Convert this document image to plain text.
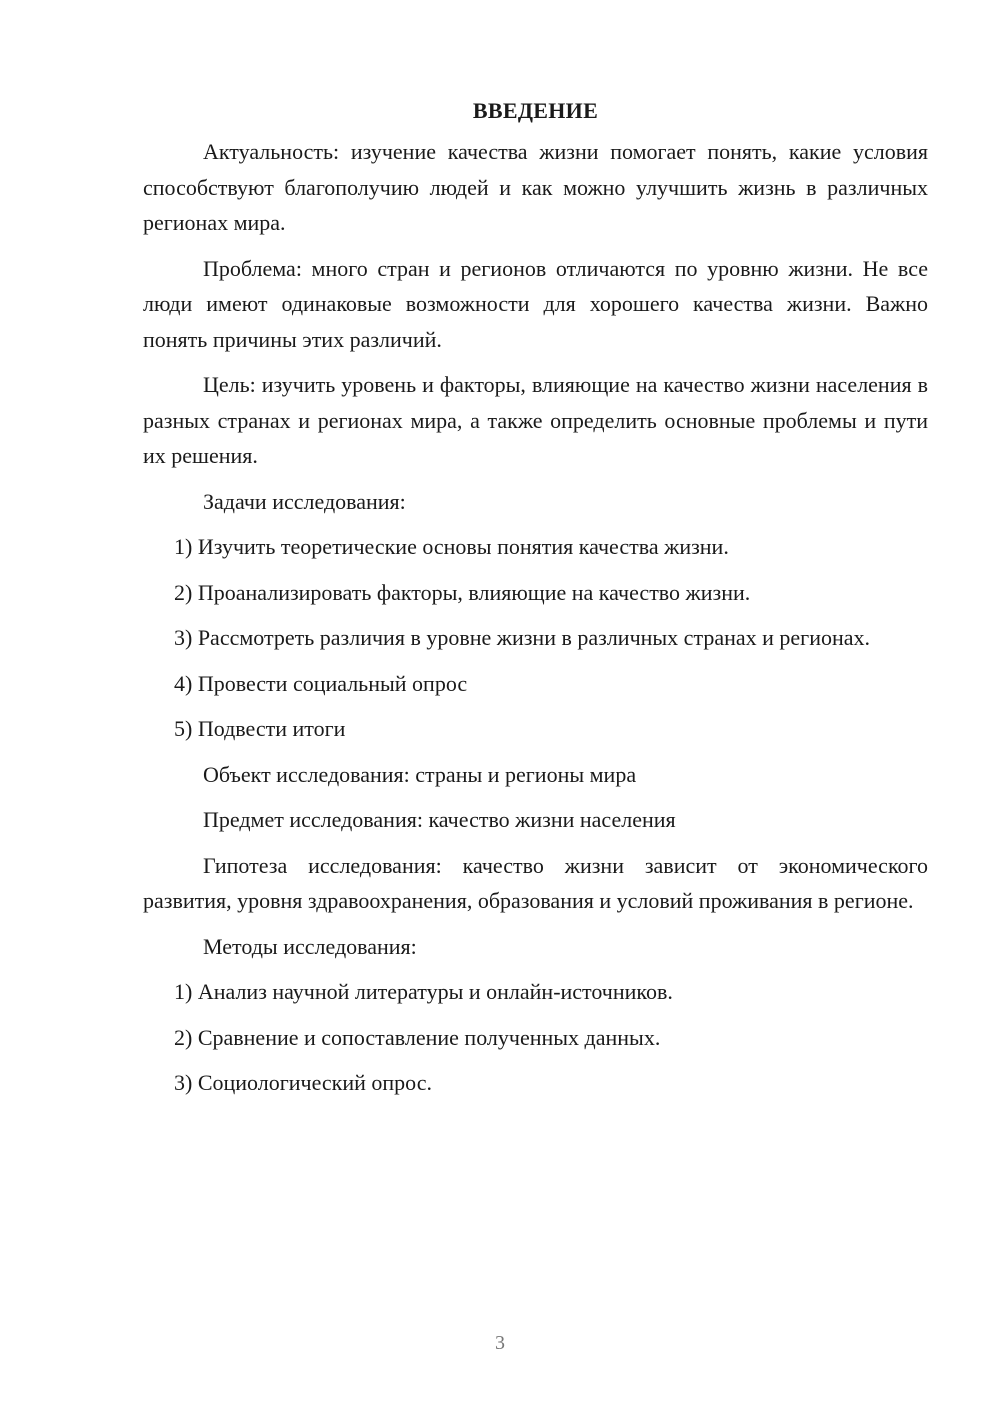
ВВЕДЕНИЕ

Актуальность: изучение качества жизни помогает понять, какие условия способствуют благополучию людей и как можно улучшить жизнь в различных регионах мира.

Проблема: много стран и регионов отличаются по уровню жизни. Не все люди имеют одинаковые возможности для хорошего качества жизни. Важно понять причины этих различий.

Цель: изучить уровень и факторы, влияющие на качество жизни населения в разных странах и регионах мира, а также определить основные проблемы и пути их решения.

Задачи исследования:

1) Изучить теоретические основы понятия качества жизни.

2) Проанализировать факторы, влияющие на качество жизни.

3) Рассмотреть различия в уровне жизни в различных странах и регионах.

4) Провести социальный опрос

5) Подвести итоги

Объект исследования: страны и регионы мира

Предмет исследования: качество жизни населения

Гипотеза исследования: качество жизни зависит от экономического развития, уровня здравоохранения, образования и условий проживания в регионе.

Методы исследования:

1) Анализ научной литературы и онлайн-источников.

2) Сравнение и сопоставление полученных данных.

3) Социологический опрос.

3
